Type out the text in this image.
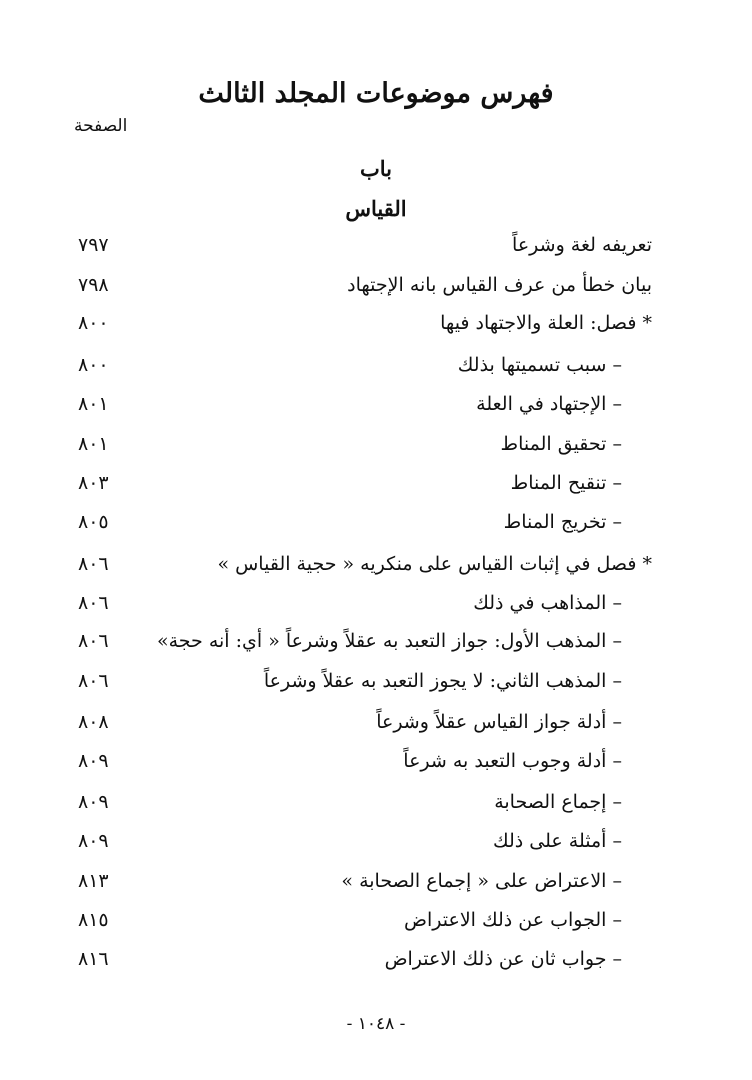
فهرس موضوعات المجلد الثالث
الصفحة
باب
القياس
تعريفه لغة وشرعاً
٧٩٧
بيان خطأ من عرف القياس بانه الإجتهاد
٧٩٨
* فصل: العلة والاجتهاد فيها
٨٠٠
– سبب تسميتها بذلك
٨٠٠
– الإجتهاد في العلة
٨٠١
– تحقيق المناط
٨٠١
– تنقيح المناط
٨٠٣
– تخريج المناط
٨٠٥
* فصل في إثبات القياس على منكريه « حجية القياس »
٨٠٦
– المذاهب في ذلك
٨٠٦
– المذهب الأول: جواز التعبد به عقلاً وشرعاً « أي: أنه حجة»
٨٠٦
– المذهب الثاني: لا يجوز التعبد به عقلاً وشرعاً
٨٠٦
– أدلة جواز القياس عقلاً وشرعاً
٨٠٨
– أدلة وجوب التعبد به شرعاً
٨٠٩
– إجماع الصحابة
٨٠٩
– أمثلة على ذلك
٨٠٩
– الاعتراض على « إجماع الصحابة »
٨١٣
– الجواب عن ذلك الاعتراض
٨١٥
– جواب ثان عن ذلك الاعتراض
٨١٦
- ١٠٤٨ -
